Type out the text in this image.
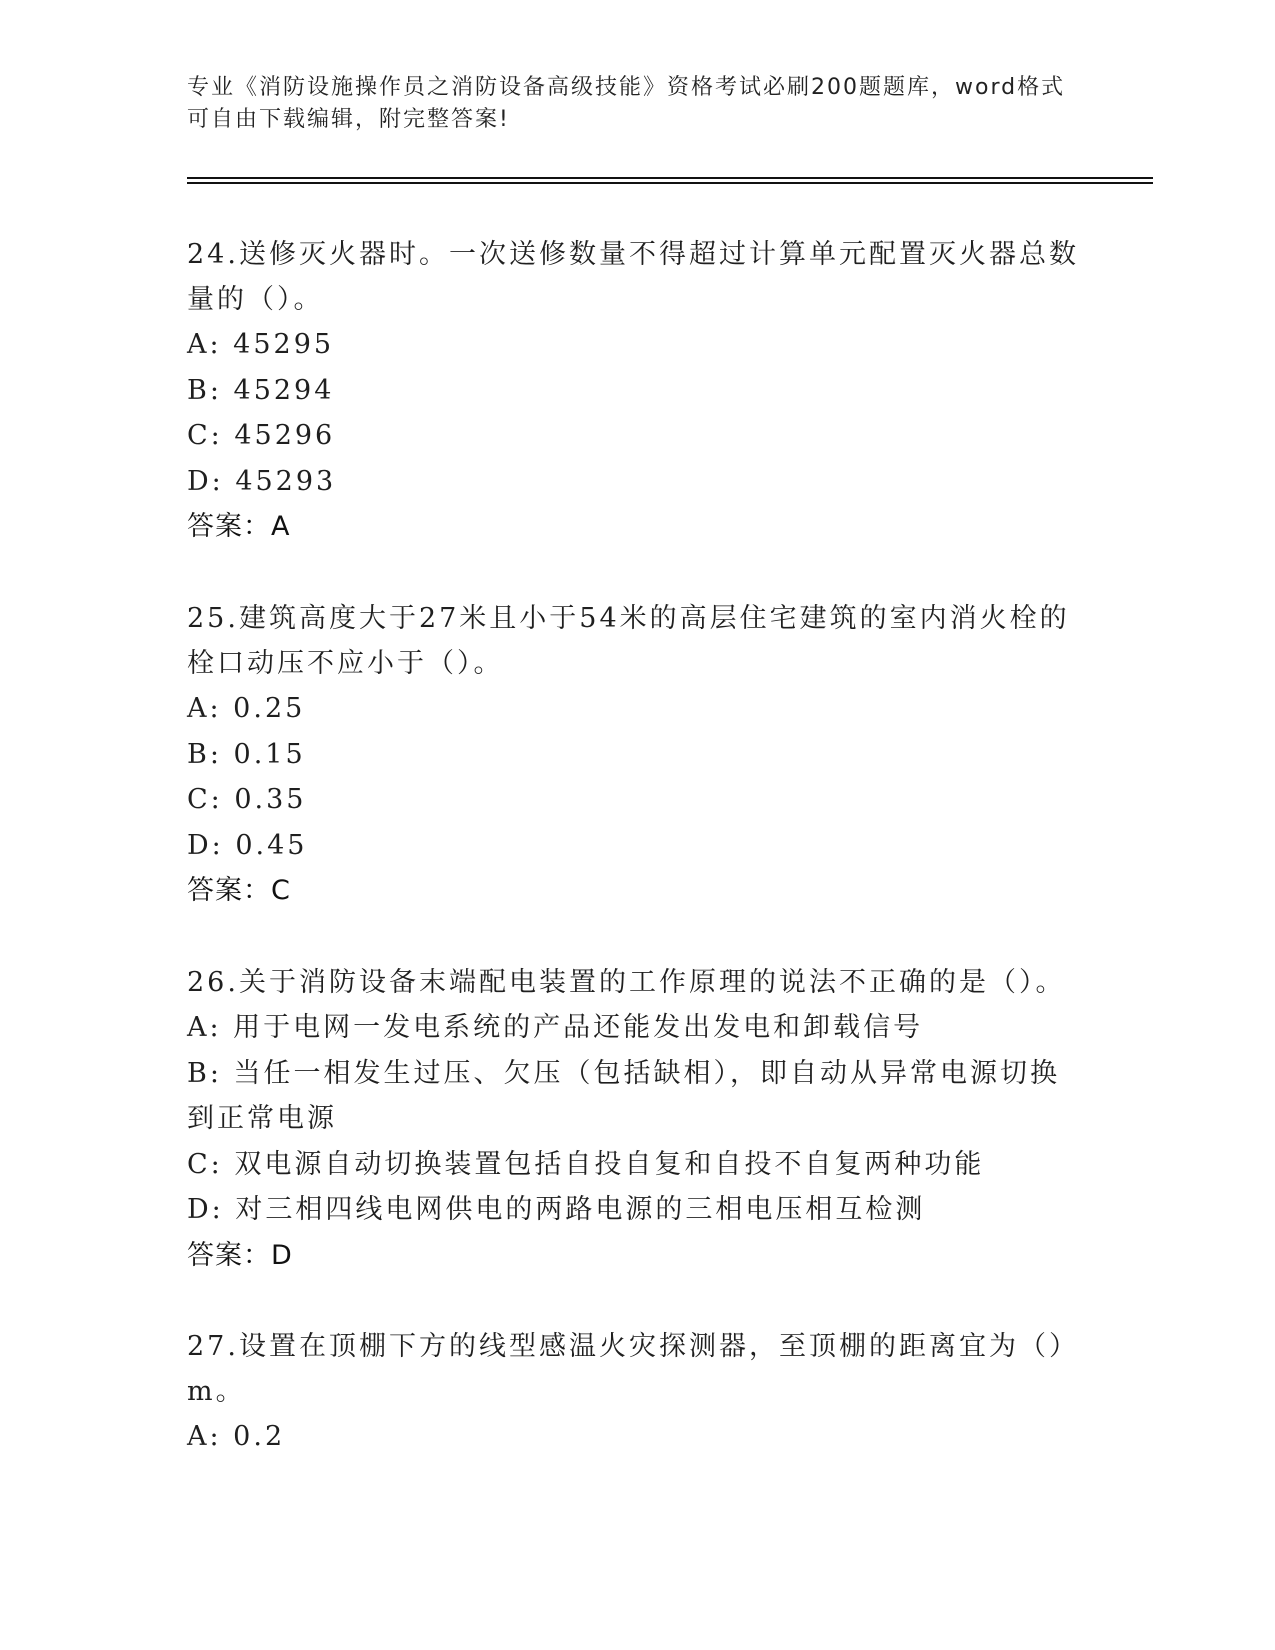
专业《消防设施操作员之消防设备高级技能》资格考试必刷200题题库，word格式可自由下载编辑，附完整答案!
24.送修灭火器时。一次送修数量不得超过计算单元配置灭火器总数量的（）。
A: 45295
B: 45294
C: 45296
D: 45293
答案：A
25.建筑高度大于27米且小于54米的高层住宅建筑的室内消火栓的栓口动压不应小于（）。
A: 0.25
B: 0.15
C: 0.35
D: 0.45
答案：C
26.关于消防设备末端配电装置的工作原理的说法不正确的是（）。
A: 用于电网一发电系统的产品还能发出发电和卸载信号
B: 当任一相发生过压、欠压（包括缺相），即自动从异常电源切换到正常电源
C: 双电源自动切换装置包括自投自复和自投不自复两种功能
D: 对三相四线电网供电的两路电源的三相电压相互检测
答案：D
27.设置在顶棚下方的线型感温火灾探测器，至顶棚的距离宜为（）m。
A: 0.2
